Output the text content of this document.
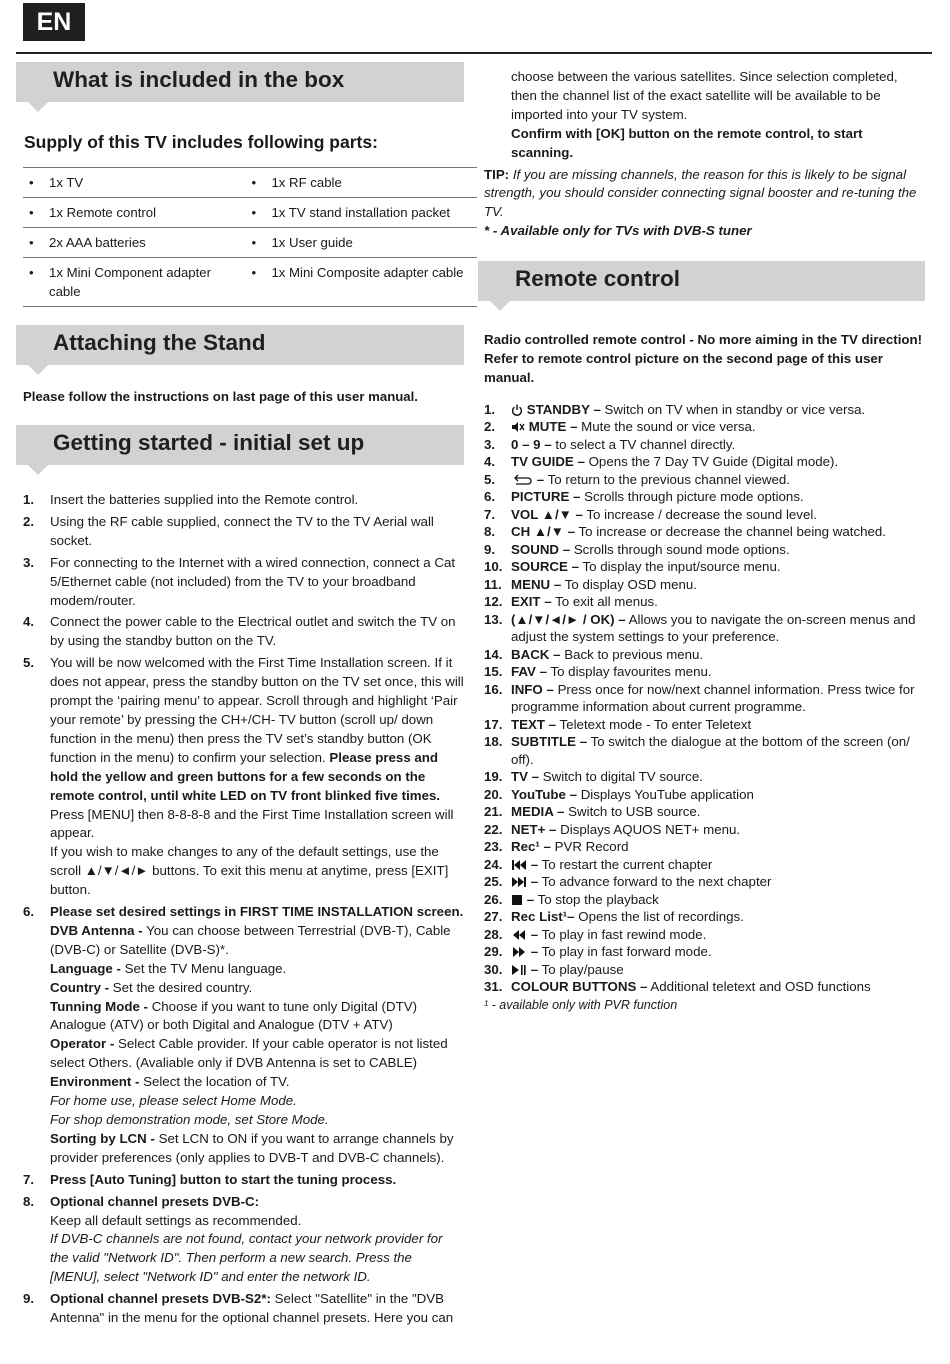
EN
What is included in the box
Supply of this TV includes following parts:
• 1x TV	• 1x RF cable

• 1x Remote control	• 1x TV stand installation packet

• 2x AAA batteries	• 1x User guide

• 1x Mini Component adapter cable	• 1x Mini Composite adapter cable
Attaching the Stand
Please follow the instructions on last page of this user manual.
Getting started - initial set up
1.	Insert the batteries supplied into the Remote control.
2.	Using the RF cable supplied, connect the TV to the TV Aerial wall socket.
3.	For connecting to the Internet with a wired connection, connect a Cat 5/Ethernet cable (not included) from the TV to your broadband modem/router.
4.	Connect the power cable to the Electrical outlet and switch the TV on by using the standby button on the TV.
5.	You will be now welcomed with the First Time Installation screen. If it does not appear, press the standby button on the TV set once, this will prompt the ‘pairing menu’ to appear. Scroll through and highlight ‘Pair your remote’ by pressing the CH+/CH- TV button (scroll up/ down function in the menu) then press the TV set’s standby button (OK function in the menu) to confirm your selection. Please press and hold the yellow and green buttons for a few seconds on the remote control, until white LED on TV front blinked five times.
Press [MENU] then 8-8-8-8 and the First Time Installation screen will appear.
If you wish to make changes to any of the default settings, use the scroll ▲/▼/◄/► buttons. To exit this menu at anytime, press [EXIT] button.
6.	Please set desired settings in FIRST TIME INSTALLATION screen.
DVB Antenna - You can choose between Terrestrial (DVB-T), Cable (DVB-C) or Satellite (DVB-S)*.
Language - Set the TV Menu language.
Country - Set the desired country.
Tunning Mode - Choose if you want to tune only Digital (DTV) Analogue (ATV) or both Digital and Analogue (DTV + ATV)
Operator - Select Cable provider. If your cable operator is not listed select Others. (Avaliable only if DVB Antenna is set to CABLE)
Environment - Select the location of TV.
For home use, please select Home Mode.
For shop demonstration mode, set Store Mode.
Sorting by LCN - Set LCN to ON if you want to arrange channels by provider preferences (only applies to DVB-T and DVB-C channels).
7.	Press [Auto Tuning] button to start the tuning process.
8.	Optional channel presets DVB-C:
Keep all default settings as recommended.
If DVB-C channels are not found, contact your network provider for the valid "Network ID". Then perform a new search. Press the [MENU], select "Network ID" and enter the network ID.
9.	Optional channel presets DVB-S2*: Select "Satellite" in the "DVB Antenna" in the menu for the optional channel presets. Here you can
choose between the various satellites. Since selection completed, then the channel list of the exact satellite will be available to be imported into your TV system.
Confirm with [OK] button on the remote control, to start scanning.
TIP: If you are missing channels, the reason for this is likely to be signal strength, you should consider connecting signal booster and re-tuning the TV.
* - Available only for TVs with DVB-S tuner
Remote control
Radio controlled remote control - No more aiming in the TV direction! Refer to remote control picture on the second page of this user manual.
1.	STANDBY – Switch on TV when in standby or vice versa.
2.	MUTE – Mute the sound or vice versa.
3.	0 – 9 – to select a TV channel directly.
4.	TV GUIDE – Opens the 7 Day TV Guide (Digital mode).
5.	– To return to the previous channel viewed.
6.	PICTURE – Scrolls through picture mode options.
7.	VOL ▲/▼ – To increase / decrease the sound level.
8.	CH ▲/▼ – To increase or decrease the channel being watched.
9.	SOUND – Scrolls through sound mode options.
10. SOURCE – To display the input/source menu.
11. MENU – To display OSD menu.
12. EXIT – To exit all menus.
13. (▲/▼/◄/► / OK) – Allows you to navigate the on-screen menus and adjust the system settings to your preference.
14. BACK – Back to previous menu.
15. FAV – To display favourites menu.
16. INFO – Press once for now/next channel information. Press twice for programme information about current programme.
17. TEXT – Teletext mode - To enter Teletext
18. SUBTITLE – To switch the dialogue at the bottom of the screen (on/ off).
19. TV – Switch to digital TV source.
20. YouTube – Displays YouTube application
21. MEDIA – Switch to USB source.
22. NET+ – Displays AQUOS NET+ menu.
23. Rec¹ – PVR Record
24.	– To restart the current chapter
25.	– To advance forward to the next chapter
26.	– To stop the playback
27. Rec List¹– Opens the list of recordings.
28.	– To play in fast rewind mode.
29.	– To play in fast forward mode.
30.	– To play/pause
31. COLOUR BUTTONS – Additional teletext and OSD functions
¹ - available only with PVR function
